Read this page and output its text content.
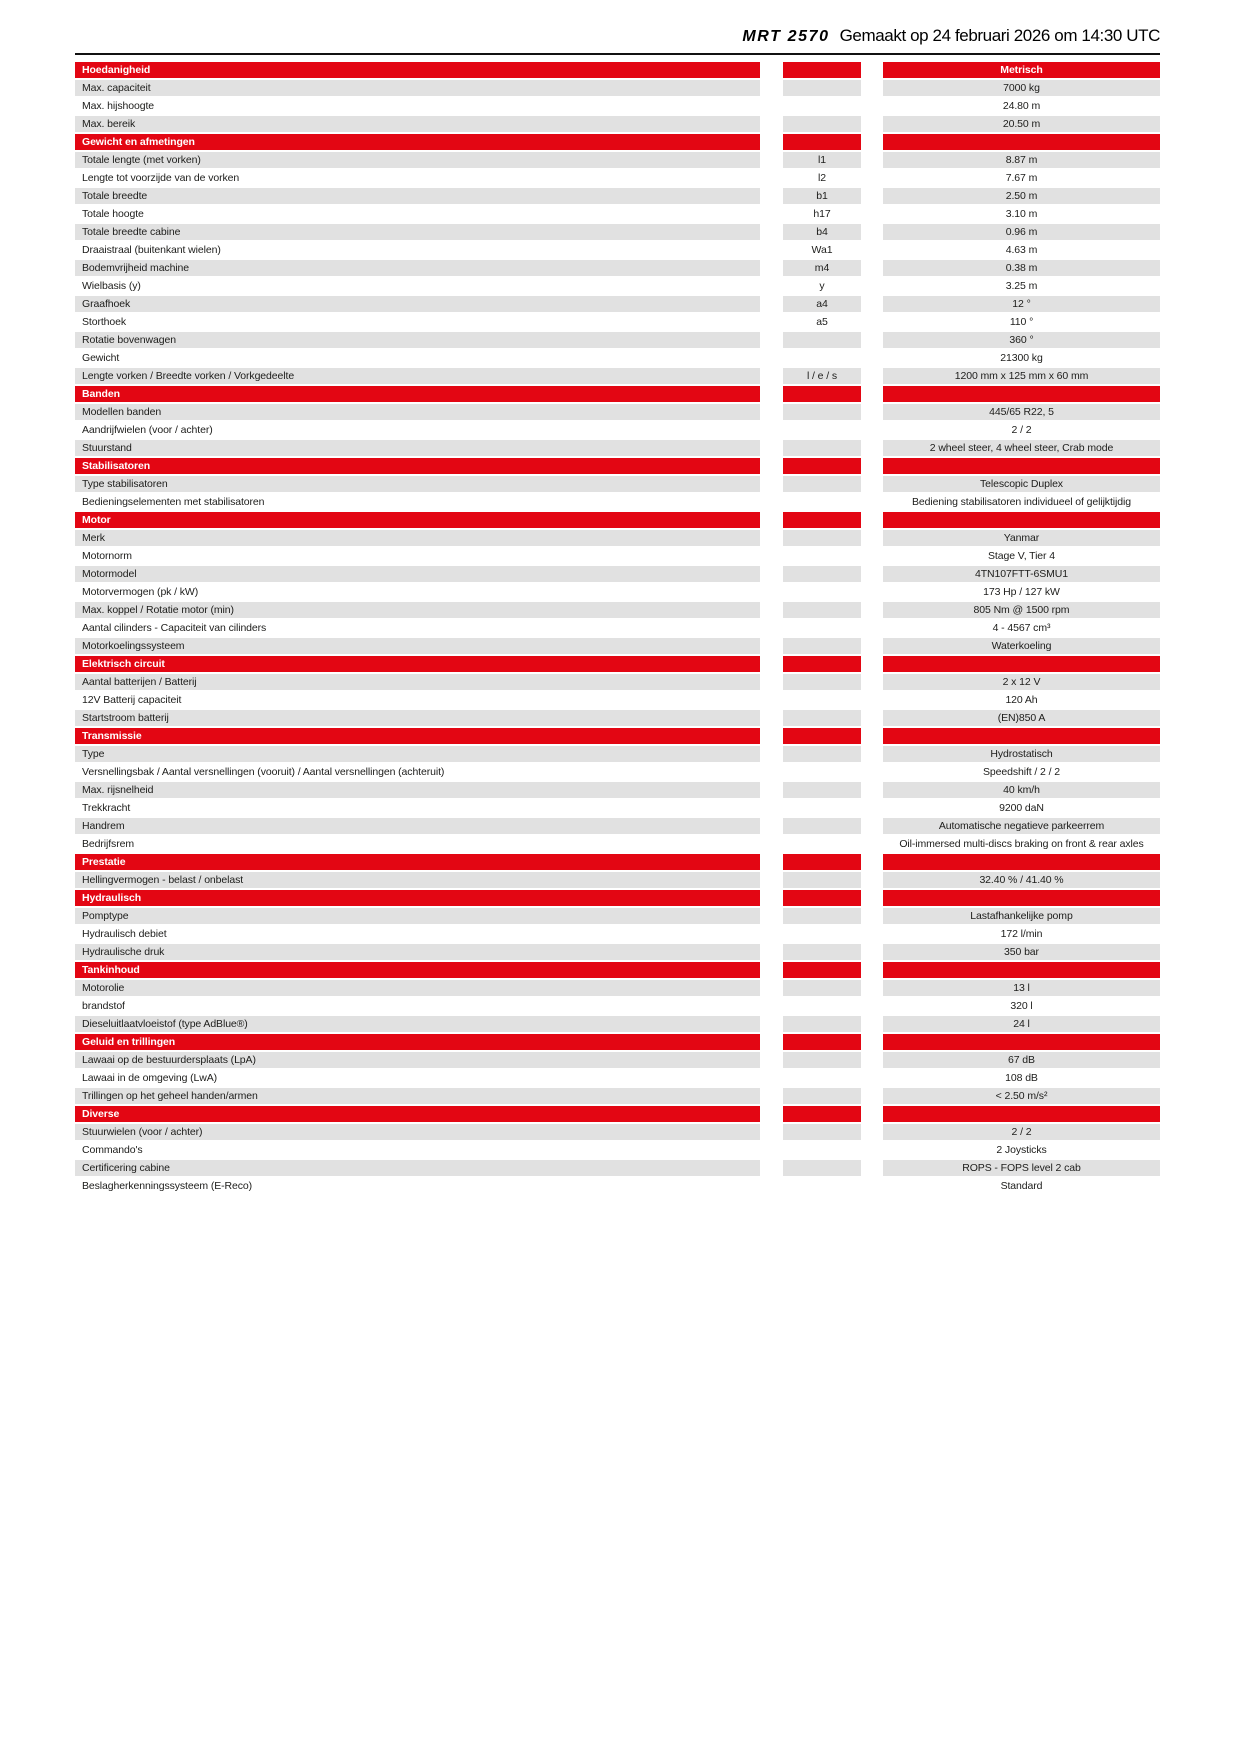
MRT 2570 Gemaakt op 24 februari 2026 om 14:30 UTC
Hoedanigheid	Metrisch
Max. capaciteit	7000 kg
Max. hijshoogte	24.80 m
Max. bereik	20.50 m
Gewicht en afmetingen
Totale lengte (met vorken)	l1	8.87 m
Lengte tot voorzijde van de vorken	l2	7.67 m
Totale breedte	b1	2.50 m
Totale hoogte	h17	3.10 m
Totale breedte cabine	b4	0.96 m
Draaistraal (buitenkant wielen)	Wa1	4.63 m
Bodemvrijheid machine	m4	0.38 m
Wielbasis (y)	y	3.25 m
Graafhoek	a4	12 °
Storthoek	a5	110 °
Rotatie bovenwagen	360 °
Gewicht	21300 kg
Lengte vorken / Breedte vorken / Vorkgedeelte	l / e / s	1200 mm x 125 mm x 60 mm
Banden
Modellen banden	445/65 R22, 5
Aandrijfwielen (voor / achter)	2 / 2
Stuurstand	2 wheel steer, 4 wheel steer, Crab mode
Stabilisatoren
Type stabilisatoren	Telescopic Duplex
Bedieningselementen met stabilisatoren	Bediening stabilisatoren individueel of gelijktijdig
Motor
Merk	Yanmar
Motornorm	Stage V, Tier 4
Motormodel	4TN107FTT-6SMU1
Motorvermogen (pk / kW)	173 Hp / 127 kW
Max. koppel / Rotatie motor (min)	805 Nm @ 1500 rpm
Aantal cilinders - Capaciteit van cilinders	4 - 4567 cm³
Motorkoelingssysteem	Waterkoeling
Elektrisch circuit
Aantal batterijen / Batterij	2 x 12 V
12V Batterij capaciteit	120 Ah
Startstroom batterij	(EN)850 A
Transmissie
Type	Hydrostatisch
Versnellingsbak / Aantal versnellingen (vooruit) / Aantal versnellingen (achteruit)	Speedshift / 2 / 2
Max. rijsnelheid	40 km/h
Trekkracht	9200 daN
Handrem	Automatische negatieve parkeerrem
Bedrijfsrem	Oil-immersed multi-discs braking on front & rear axles
Prestatie
Hellingvermogen - belast / onbelast	32.40 % / 41.40 %
Hydraulisch
Pomptype	Lastafhankelijke pomp
Hydraulisch debiet	172 l/min
Hydraulische druk	350 bar
Tankinhoud
Motorolie	13 l
brandstof	320 l
Dieseluitlaatvloeistof (type AdBlue®)	24 l
Geluid en trillingen
Lawaai op de bestuurdersplaats (LpA)	67 dB
Lawaai in de omgeving (LwA)	108 dB
Trillingen op het geheel handen/armen	< 2.50 m/s²
Diverse
Stuurwielen (voor / achter)	2 / 2
Commando's	2 Joysticks
Certificering cabine	ROPS - FOPS level 2 cab
Beslagherkenningssysteem (E-Reco)	Standard
